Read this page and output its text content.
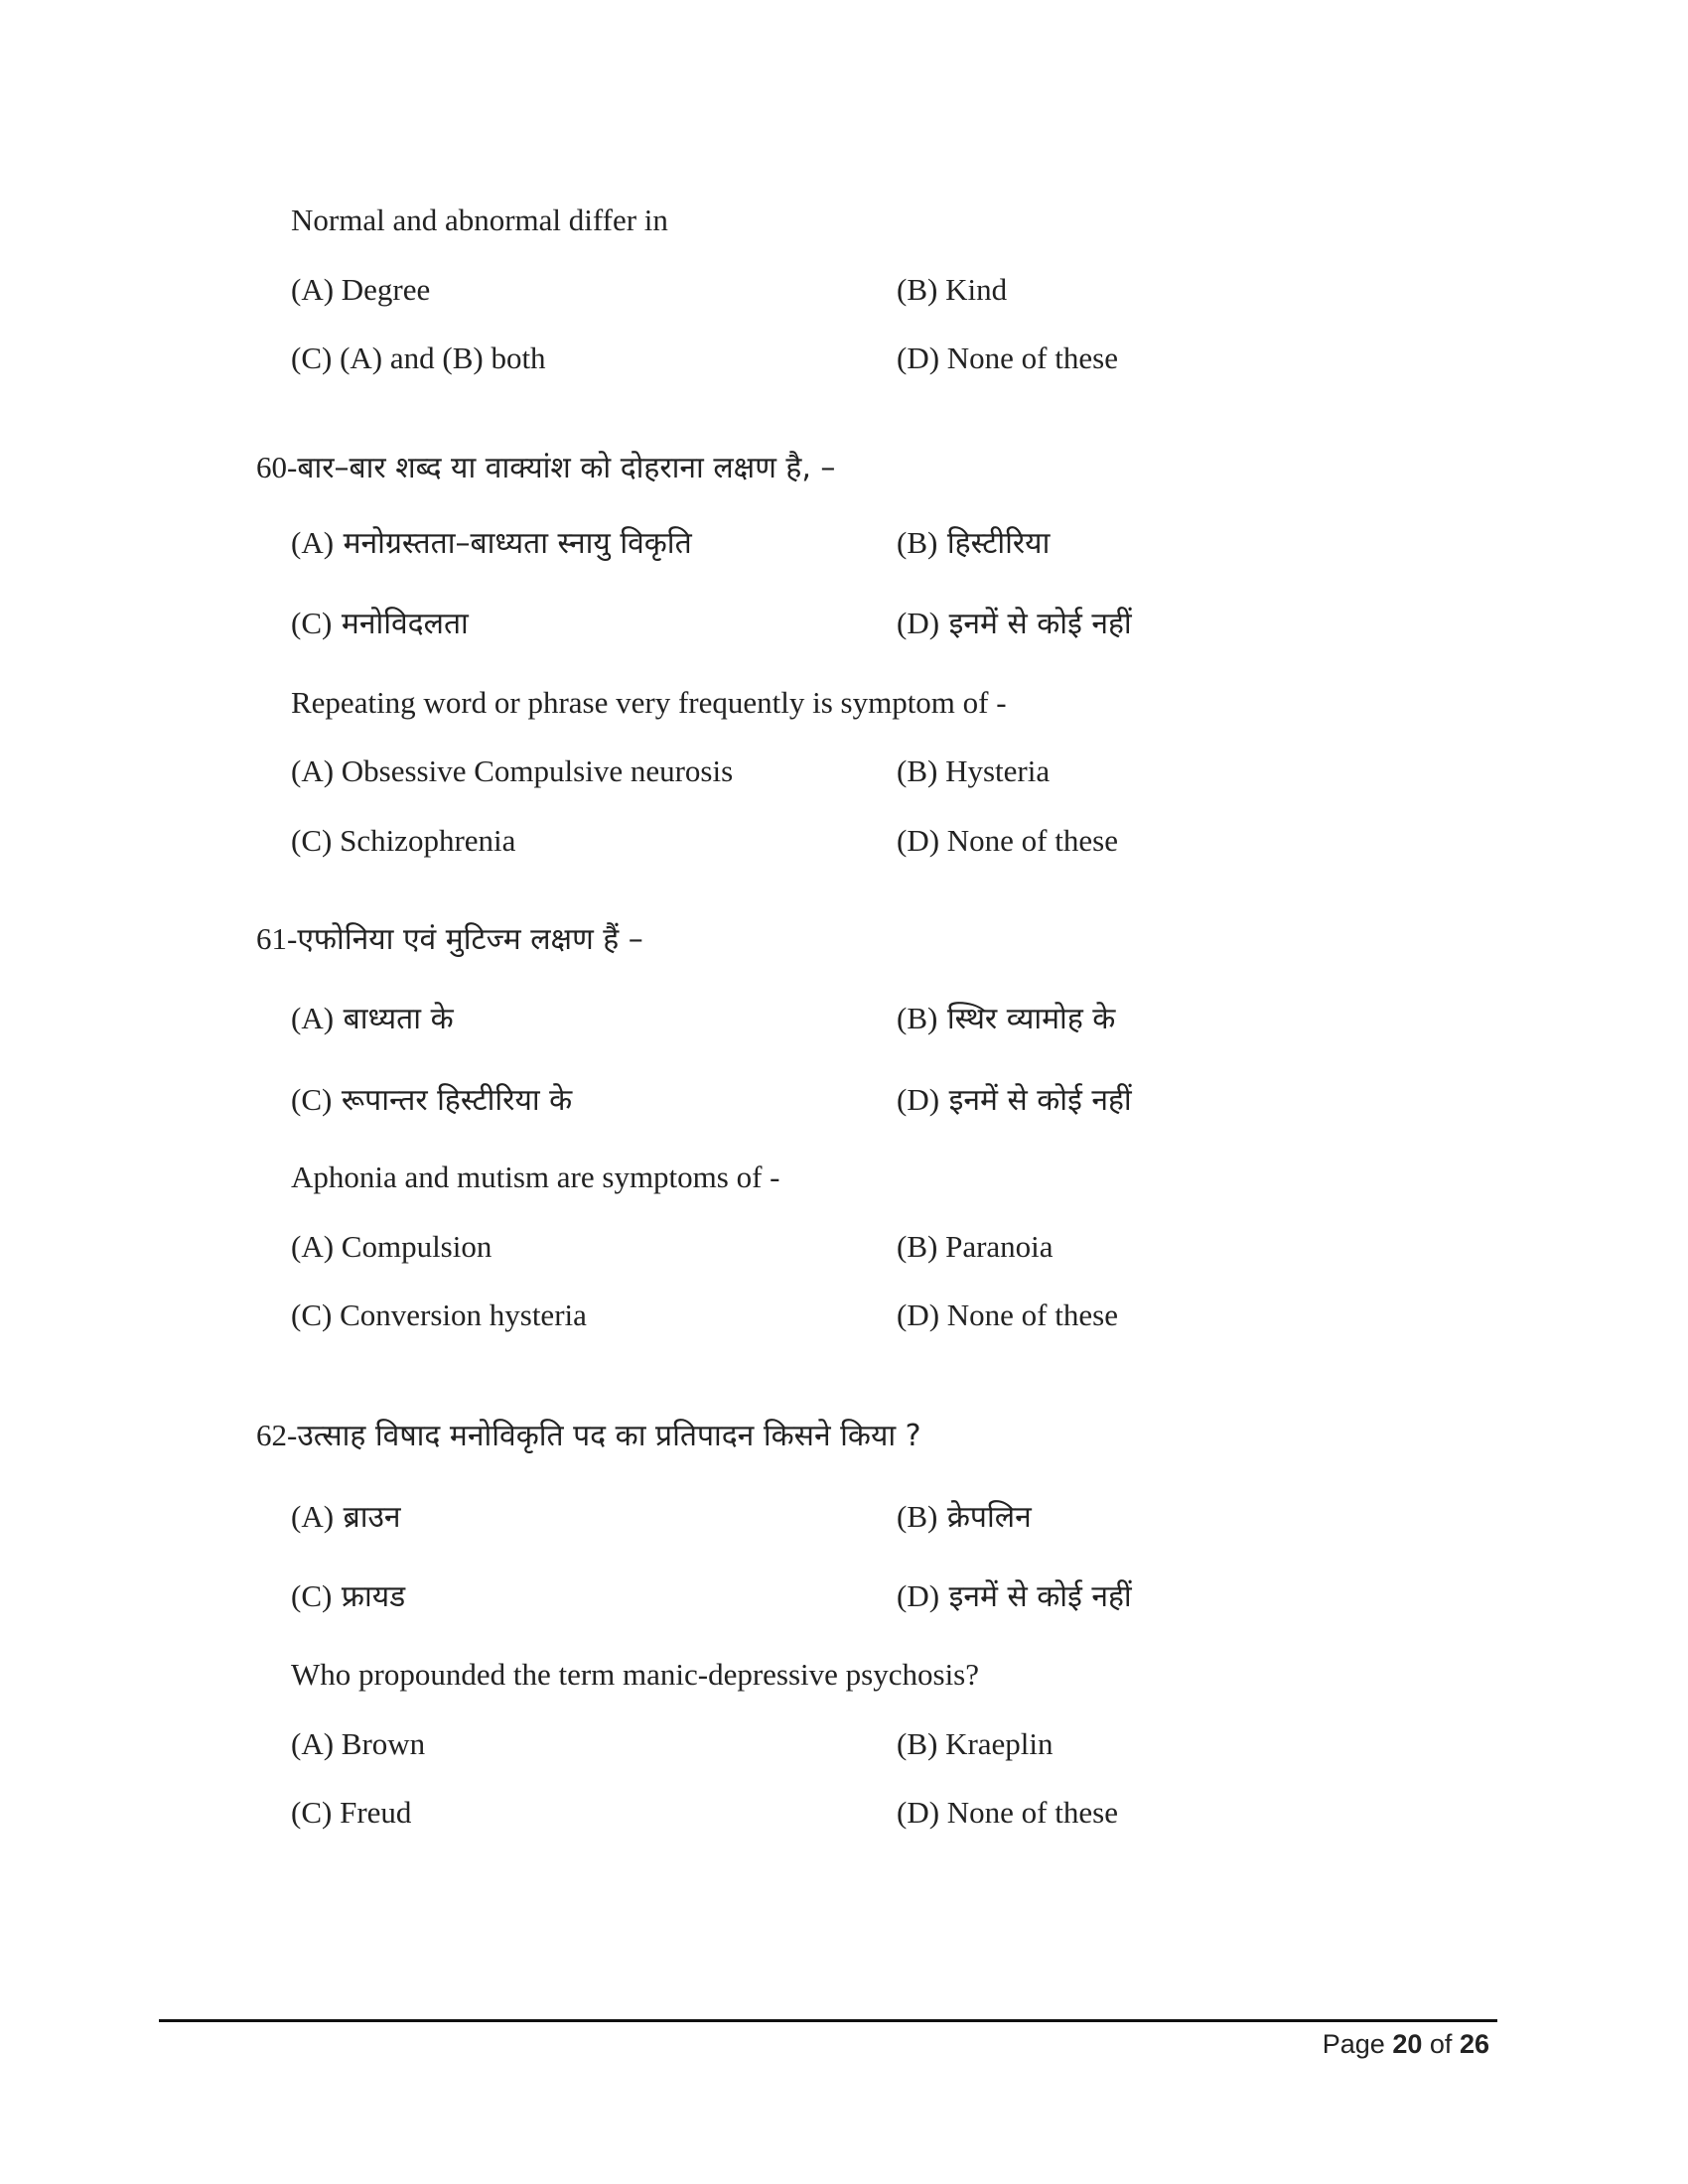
Normal and abnormal differ in
(A) Degree	(B) Kind
(C) (A) and (B) both	(D) None of these
60-बार–बार शब्द या वाक्यांश को दोहराना लक्षण है, –
(A) मनोग्रस्तता–बाध्यता स्नायु विकृति	(B) हिस्टीरिया
(C) मनोविदलता	(D) इनमें से कोई नहीं
Repeating word or phrase very frequently is symptom of -
(A) Obsessive Compulsive neurosis	(B) Hysteria
(C) Schizophrenia	(D) None of these
61-एफोनिया एवं मुटिज्म लक्षण हैं –
(A) बाध्यता के	(B) स्थिर व्यामोह के
(C) रूपान्तर हिस्टीरिया के	(D) इनमें से कोई नहीं
Aphonia and mutism are symptoms of -
(A) Compulsion	(B) Paranoia
(C) Conversion hysteria	(D) None of these
62-उत्साह विषाद मनोविकृति पद का प्रतिपादन किसने किया ?
(A) ब्राउन	(B) क्रेपलिन
(C) फ्रायड	(D) इनमें से कोई नहीं
Who propounded the term manic-depressive psychosis?
(A) Brown	(B) Kraeplin
(C) Freud	(D) None of these
Page 20 of 26
